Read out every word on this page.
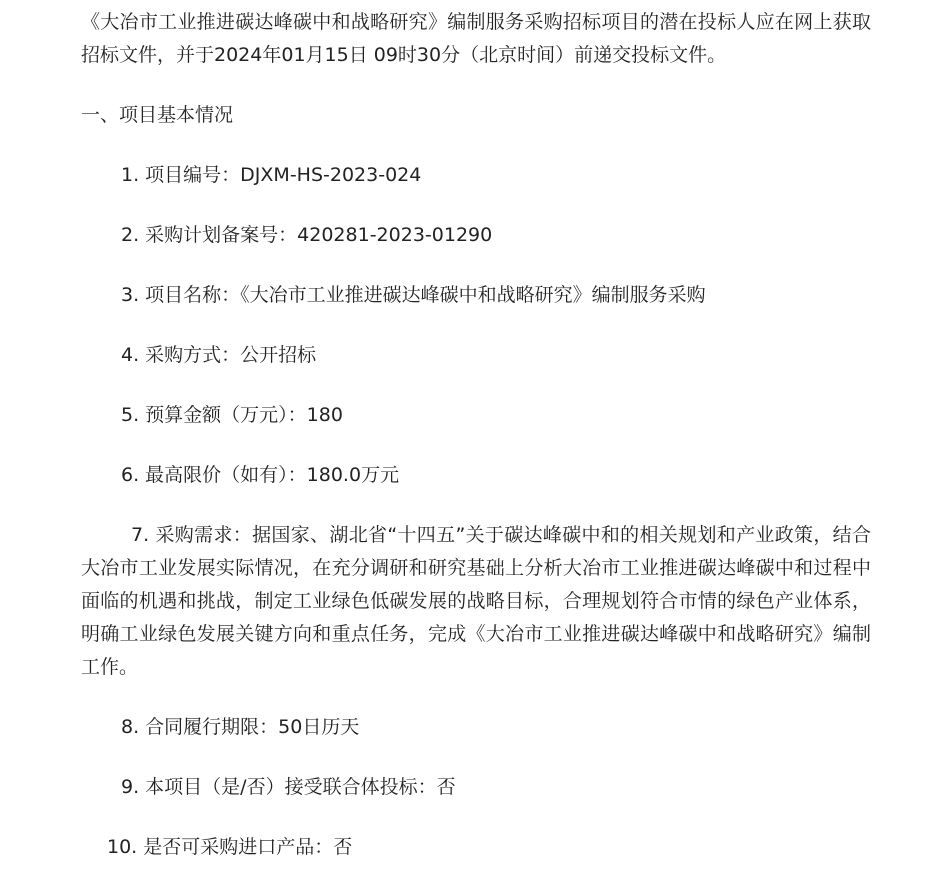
《大冶市工业推进碳达峰碳中和战略研究》编制服务采购招标项目的潜在投标人应在网上获取招标文件，并于2024年01月15日 09时30分（北京时间）前递交投标文件。

一、项目基本情况

1. 项目编号：DJXM-HS-2023-024

2. 采购计划备案号：420281-2023-01290

3. 项目名称：《大冶市工业推进碳达峰碳中和战略研究》编制服务采购

4. 采购方式：公开招标

5. 预算金额（万元）：180

6. 最高限价（如有）：180.0万元

7. 采购需求：据国家、湖北省“十四五”关于碳达峰碳中和的相关规划和产业政策，结合大冶市工业发展实际情况，在充分调研和研究基础上分析大冶市工业推进碳达峰碳中和过程中面临的机遇和挑战，制定工业绿色低碳发展的战略目标，合理规划符合市情的绿色产业体系，明确工业绿色发展关键方向和重点任务，完成《大冶市工业推进碳达峰碳中和战略研究》编制工作。

8. 合同履行期限：50日历天

9. 本项目（是/否）接受联合体投标：否

10. 是否可采购进口产品：否
